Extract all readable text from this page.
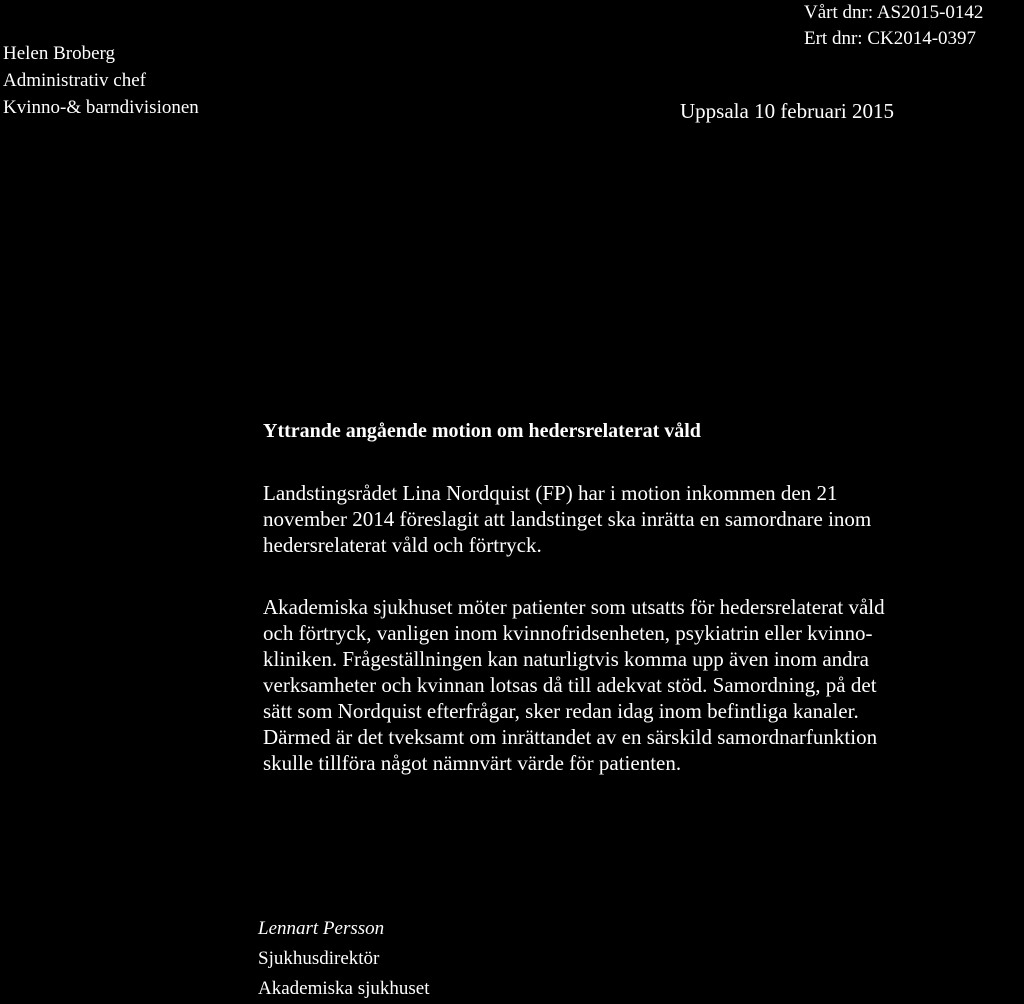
Helen Broberg
Administrativ chef
Kvinno-& barndivisionen
Vårt dnr: AS2015-0142
Ert dnr: CK2014-0397
Uppsala 10 februari 2015
Yttrande angående motion om hedersrelaterat våld
Landstingsrådet Lina Nordquist (FP) har i motion inkommen den 21
november 2014 föreslagit att landstinget ska inrätta en samordnare inom
hedersrelaterat våld och förtryck.
Akademiska sjukhuset möter patienter som utsatts för hedersrelaterat våld
och förtryck, vanligen inom kvinnofridsenheten, psykiatrin eller kvinno-
kliniken. Frågeställningen kan naturligtvis komma upp även inom andra
verksamheter och kvinnan lotsas då till adekvat stöd. Samordning, på det
sätt som Nordquist efterfrågar, sker redan idag inom befintliga kanaler.
Därmed är det tveksamt om inrättandet av en särskild samordnarfunktion
skulle tillföra något nämnvärt värde för patienten.
Lennart Persson
Sjukhusdirektör
Akademiska sjukhuset
